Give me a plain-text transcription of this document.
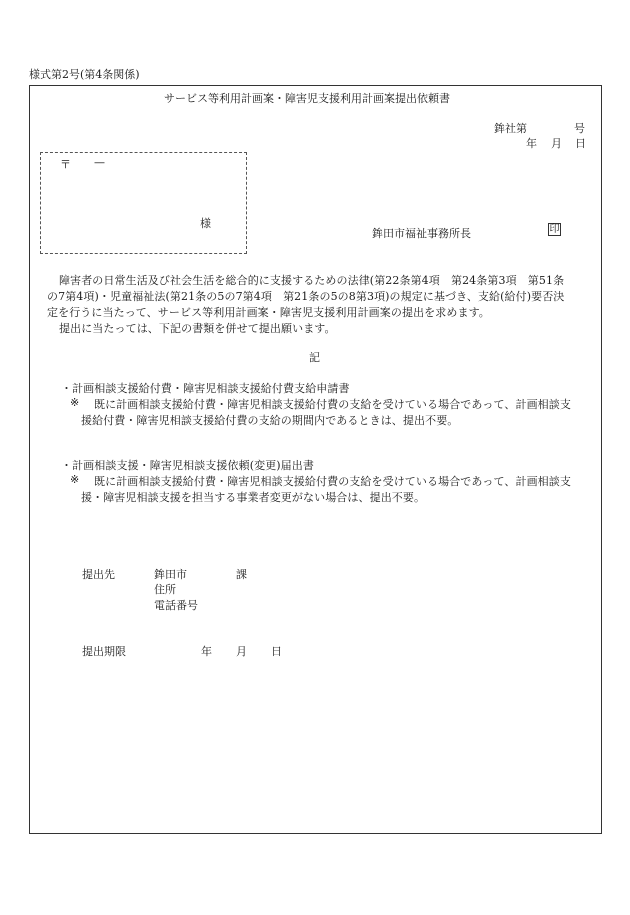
様式第2号(第4条関係)
サービス等利用計画案・障害児支援利用計画案提出依頼書
鉾社第	号
年 月 日
〒 —
様
鉾田市福祉事務所長	印
障害者の日常生活及び社会生活を総合的に支援するための法律(第22条第4項　第24条第3項　第51条
の7第4項)・児童福祉法(第21条の5の7第4項　第21条の5の8第3項)の規定に基づき、支給(給付)要否決
定を行うに当たって、サービス等利用計画案・障害児支援利用計画案の提出を求めます。
提出に当たっては、下記の書類を併せて提出願います。
記
・計画相談支援給付費・障害児相談支援給付費支給申請書
※ 既に計画相談支援給付費・障害児相談支援給付費の支給を受けている場合であって、計画相談支
援給付費・障害児相談支援給付費の支給の期間内であるときは、提出不要。
・計画相談支援・障害児相談支援依頼(変更)届出書
※ 既に計画相談支援給付費・障害児相談支援給付費の支給を受けている場合であって、計画相談支
援・障害児相談支援を担当する事業者変更がない場合は、提出不要。
提出先	鉾田市	課
住所
電話番号
提出期限	年 月 日
